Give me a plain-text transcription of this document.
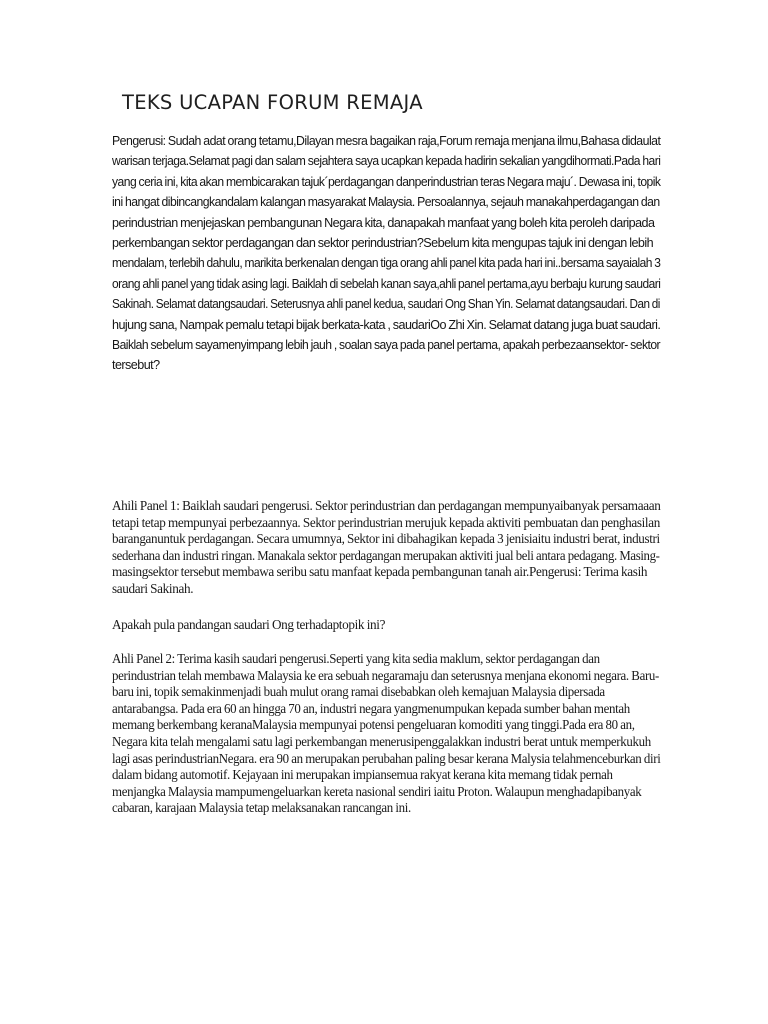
TEKS UCAPAN FORUM REMAJA
Pengerusi: Sudah adat orang tetamu,Dilayan mesra bagaikan raja,Forum remaja menjana ilmu,Bahasa didaulat
warisan terjaga.Selamat pagi dan salam sejahtera saya ucapkan kepada hadirin sekalian yangdihormati.Pada hari
yang ceria ini, kita akan membicarakan tajuk´perdagangan danperindustrian teras Negara maju´. Dewasa ini, topik
ini hangat dibincangkandalam kalangan masyarakat Malaysia. Persoalannya, sejauh manakahperdagangan dan
perindustrian menjejaskan pembangunan Negara kita, danapakah manfaat yang boleh kita peroleh daripada
perkembangan sektor perdagangan dan sektor perindustrian?Sebelum kita mengupas tajuk ini dengan lebih
mendalam, terlebih dahulu, marikita berkenalan dengan tiga orang ahli panel kita pada hari ini..bersama sayaialah 3
orang ahli panel yang tidak asing lagi. Baiklah di sebelah kanan saya,ahli panel pertama,ayu berbaju kurung saudari
Sakinah. Selamat datangsaudari. Seterusnya ahli panel kedua, saudari Ong Shan Yin. Selamat datangsaudari. Dan di
hujung sana, Nampak pemalu tetapi bijak berkata-kata , saudariOo Zhi Xin. Selamat datang juga buat saudari.
Baiklah sebelum sayamenyimpang lebih jauh , soalan saya pada panel pertama, apakah perbezaansektor- sektor
tersebut?
Ahili Panel 1: Baiklah saudari pengerusi. Sektor perindustrian dan perdagangan mempunyaibanyak persamaaan
tetapi tetap mempunyai perbezaannya. Sektor perindustrian merujuk kepada aktiviti pembuatan dan penghasilan
baranganuntuk perdagangan. Secara umumnya, Sektor ini dibahagikan kepada 3 jenisiaitu industri berat, industri
sederhana dan industri ringan. Manakala sektor perdagangan merupakan aktiviti jual beli antara pedagang. Masing-
masingsektor tersebut membawa seribu satu manfaat kepada pembangunan tanah air.Pengerusi: Terima kasih
saudari Sakinah.
Apakah pula pandangan saudari Ong terhadaptopik ini?
Ahli Panel 2: Terima kasih saudari pengerusi.Seperti yang kita sedia maklum, sektor perdagangan dan
perindustrian telah membawa Malaysia ke era sebuah negaramaju dan seterusnya menjana ekonomi negara. Baru-
baru ini, topik semakinmenjadi buah mulut orang ramai disebabkan oleh kemajuan Malaysia dipersada
antarabangsa. Pada era 60 an hingga 70 an, industri negara yangmenumpukan kepada sumber bahan mentah
memang berkembang keranaMalaysia mempunyai potensi pengeluaran komoditi yang tinggi.Pada era 80 an,
Negara kita telah mengalami satu lagi perkembangan menerusipenggalakkan industri berat untuk memperkukuh
lagi asas perindustrianNegara. era 90 an merupakan perubahan paling besar kerana Malysia telahmenceburkan diri
dalam bidang automotif. Kejayaan ini merupakan impiansemua rakyat kerana kita memang tidak pernah
menjangka Malaysia mampumengeluarkan kereta nasional sendiri iaitu Proton. Walaupun menghadapibanyak
cabaran, karajaan Malaysia tetap melaksanakan rancangan ini.
